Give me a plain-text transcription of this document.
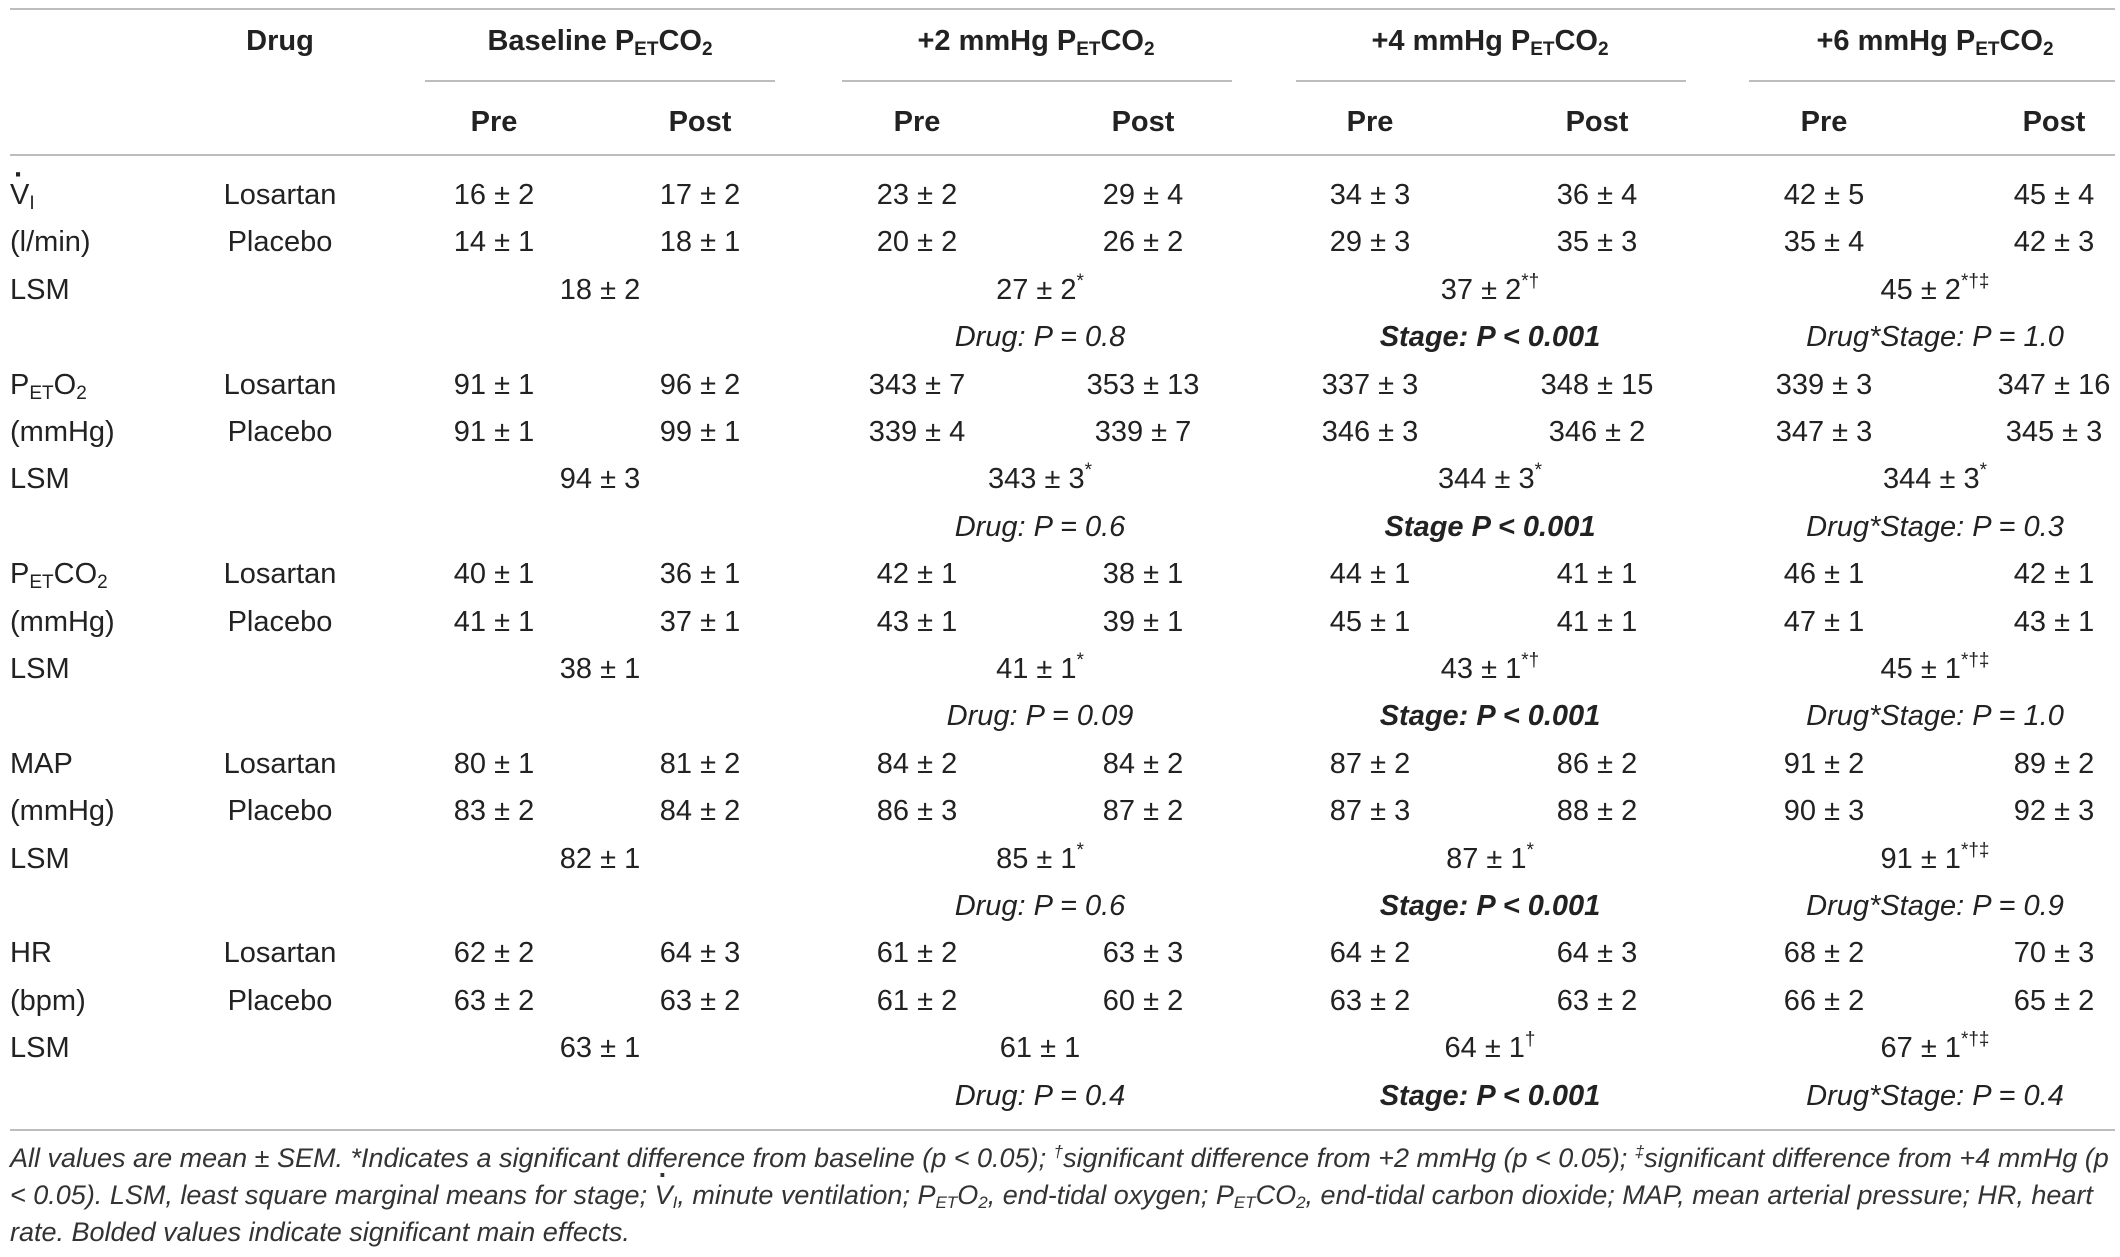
Drug	Baseline $P_{ET}CO_2$	+2 mmHg $P_{ET}CO_2$	+4 mmHg $P_{ET}CO_2$	+6 mmHg $P_{ET}CO_2$
Pre	Post	Pre	Post	Pre	Post	Pre	Post
· $V_I$
(l/min)
Losartan	16 ± 2	17 ± 2	23 ± 2	29 ± 4	34 ± 3	36 ± 4	42 ± 5	45 ± 4
Placebo	14 ± 1	18 ± 1	20 ± 2	26 ± 2	29 ± 3	35 ± 3	35 ± 4	42 ± 3
LSM	18 ± 2	27 ± 2*	37 ± 2*†	45 ± 2*†‡
Drug: P = 0.8	Stage: P < 0.001	Drug*Stage: P = 1.0
$P_{ET}O_2$
(mmHg)
Losartan	91 ± 1	96 ± 2	343 ± 7	353 ± 13	337 ± 3	348 ± 15	339 ± 3	347 ± 16
Placebo	91 ± 1	99 ± 1	339 ± 4	339 ± 7	346 ± 3	346 ± 2	347 ± 3	345 ± 3
LSM	94 ± 3	343 ± 3*	344 ± 3*	344 ± 3*
Drug: P = 0.6	Stage P < 0.001	Drug*Stage: P = 0.3
$P_{ET}CO_2$
(mmHg)
Losartan	40 ± 1	36 ± 1	42 ± 1	38 ± 1	44 ± 1	41 ± 1	46 ± 1	42 ± 1
Placebo	41 ± 1	37 ± 1	43 ± 1	39 ± 1	45 ± 1	41 ± 1	47 ± 1	43 ± 1
LSM	38 ± 1	41 ± 1*	43 ± 1*†	45 ± 1*†‡
Drug: P = 0.09	Stage: P < 0.001	Drug*Stage: P = 1.0
MAP
(mmHg)
Losartan	80 ± 1	81 ± 2	84 ± 2	84 ± 2	87 ± 2	86 ± 2	91 ± 2	89 ± 2
Placebo	83 ± 2	84 ± 2	86 ± 3	87 ± 2	87 ± 3	88 ± 2	90 ± 3	92 ± 3
LSM	82 ± 1	85 ± 1*	87 ± 1*	91 ± 1*†‡
Drug: P = 0.6	Stage: P < 0.001	Drug*Stage: P = 0.9
HR
(bpm)
Losartan	62 ± 2	64 ± 3	61 ± 2	63 ± 3	64 ± 2	64 ± 3	68 ± 2	70 ± 3
Placebo	63 ± 2	63 ± 2	61 ± 2	60 ± 2	63 ± 2	63 ± 2	66 ± 2	65 ± 2
LSM	63 ± 1	61 ± 1	64 ± 1†	67 ± 1*†‡
Drug: P = 0.4	Stage: P < 0.001	Drug*Stage: P = 0.4
All values are mean ± SEM. *Indicates a significant difference from baseline (p < 0.05); †significant difference from +2 mmHg (p < 0.05); ‡significant difference from +4 mmHg (p < 0.05). LSM, least square marginal means for stage; · $V_I$, minute ventilation; $P_{ET}O_2$, end-tidal oxygen; $P_{ET}CO_2$, end-tidal carbon dioxide; MAP, mean arterial pressure; HR, heart rate. Bolded values indicate significant main effects.
